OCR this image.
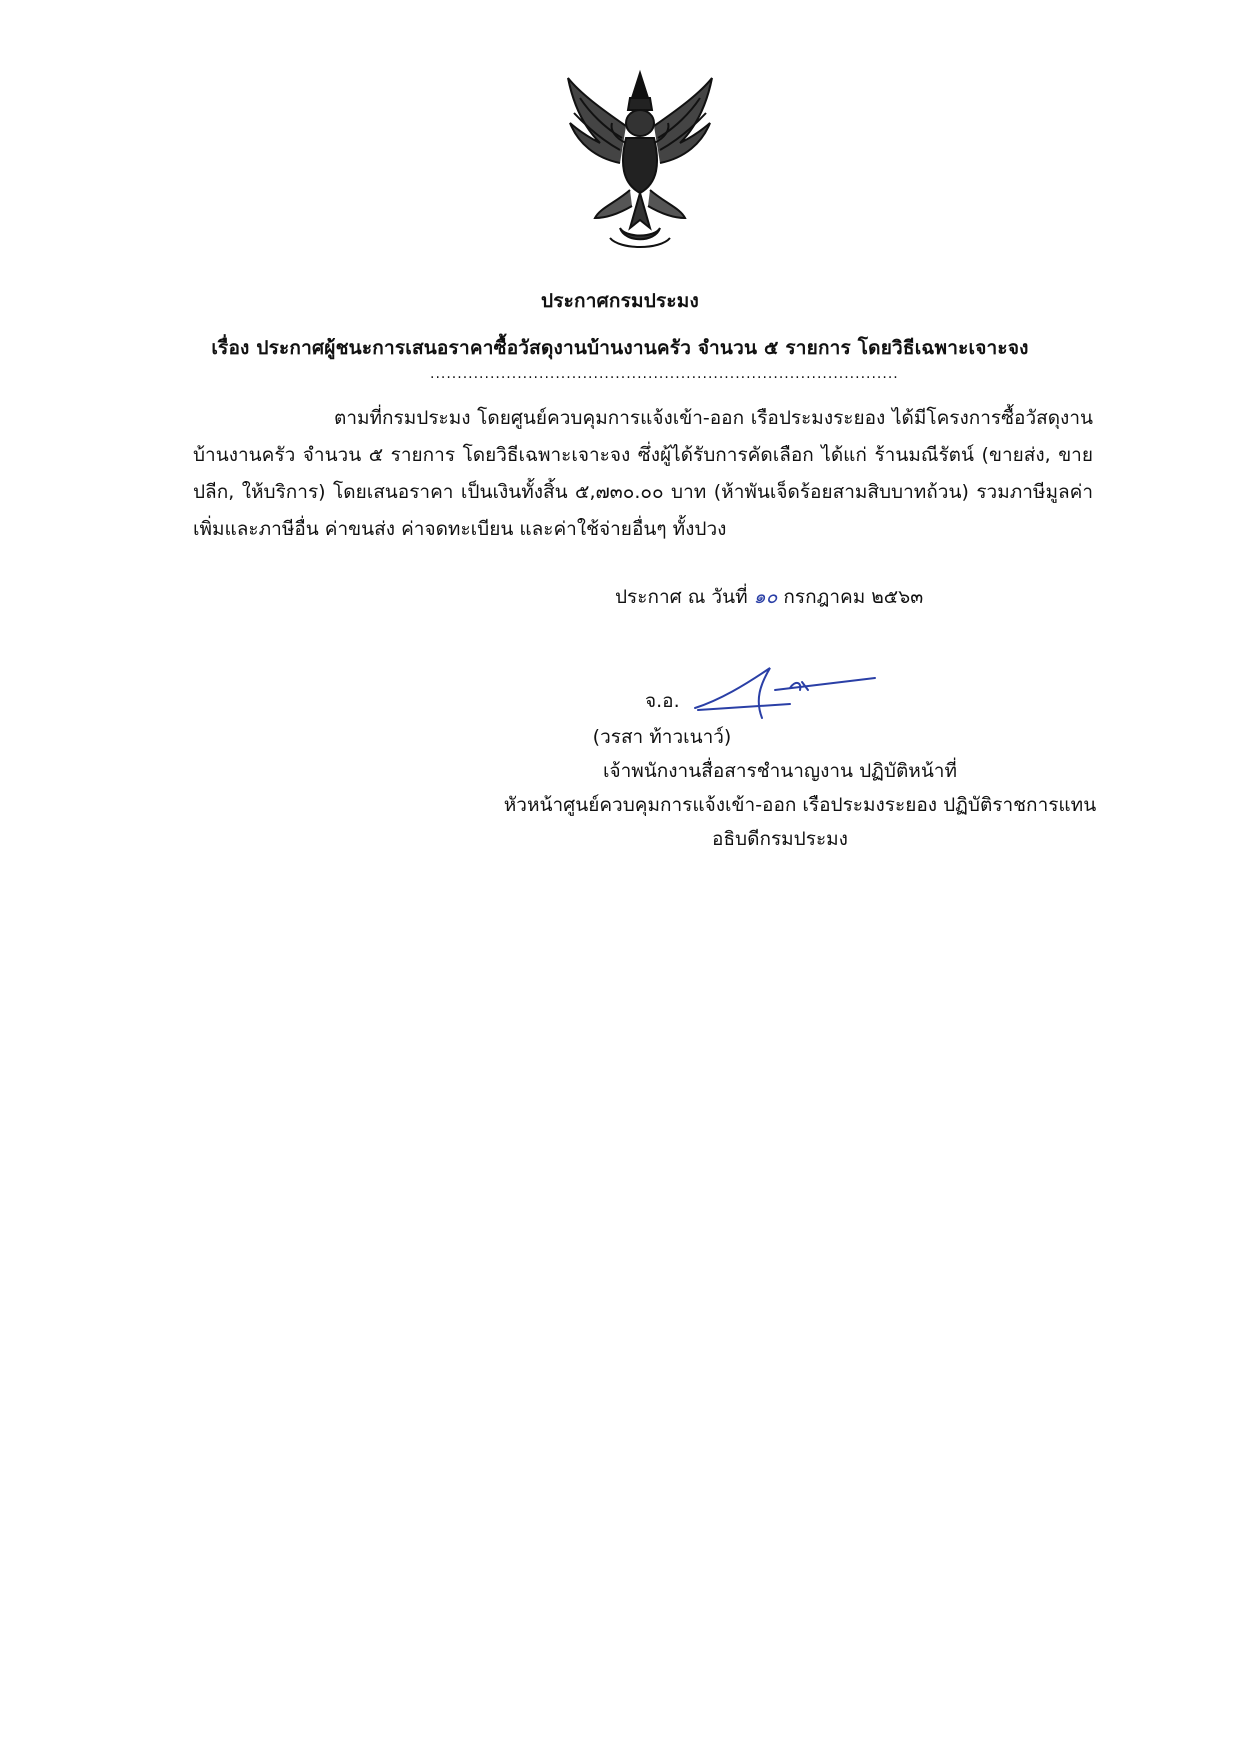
ประกาศกรมประมง
เรื่อง ประกาศผู้ชนะการเสนอราคาซื้อวัสดุงานบ้านงานครัว จำนวน ๕ รายการ โดยวิธีเฉพาะเจาะจง
......................................................................................

ตามที่กรมประมง โดยศูนย์ควบคุมการแจ้งเข้า-ออก เรือประมงระยอง ได้มีโครงการซื้อวัสดุงานบ้านงานครัว จำนวน ๕ รายการ โดยวิธีเฉพาะเจาะจง ซึ่งผู้ได้รับการคัดเลือก ได้แก่ ร้านมณีรัตน์ (ขายส่ง, ขายปลีก, ให้บริการ) โดยเสนอราคา เป็นเงินทั้งสิ้น ๕,๗๓๐.๐๐ บาท (ห้าพันเจ็ดร้อยสามสิบบาทถ้วน) รวมภาษีมูลค่าเพิ่มและภาษีอื่น ค่าขนส่ง ค่าจดทะเบียน และค่าใช้จ่ายอื่นๆ ทั้งปวง

ประกาศ ณ วันที่ ๑๐ กรกฎาคม ๒๕๖๓
จ.อ.
(วรสา ท้าวเนาว์)
เจ้าพนักงานสื่อสารชำนาญงาน ปฏิบัติหน้าที่
หัวหน้าศูนย์ควบคุมการแจ้งเข้า-ออก เรือประมงระยอง ปฏิบัติราชการแทน
อธิบดีกรมประมง
